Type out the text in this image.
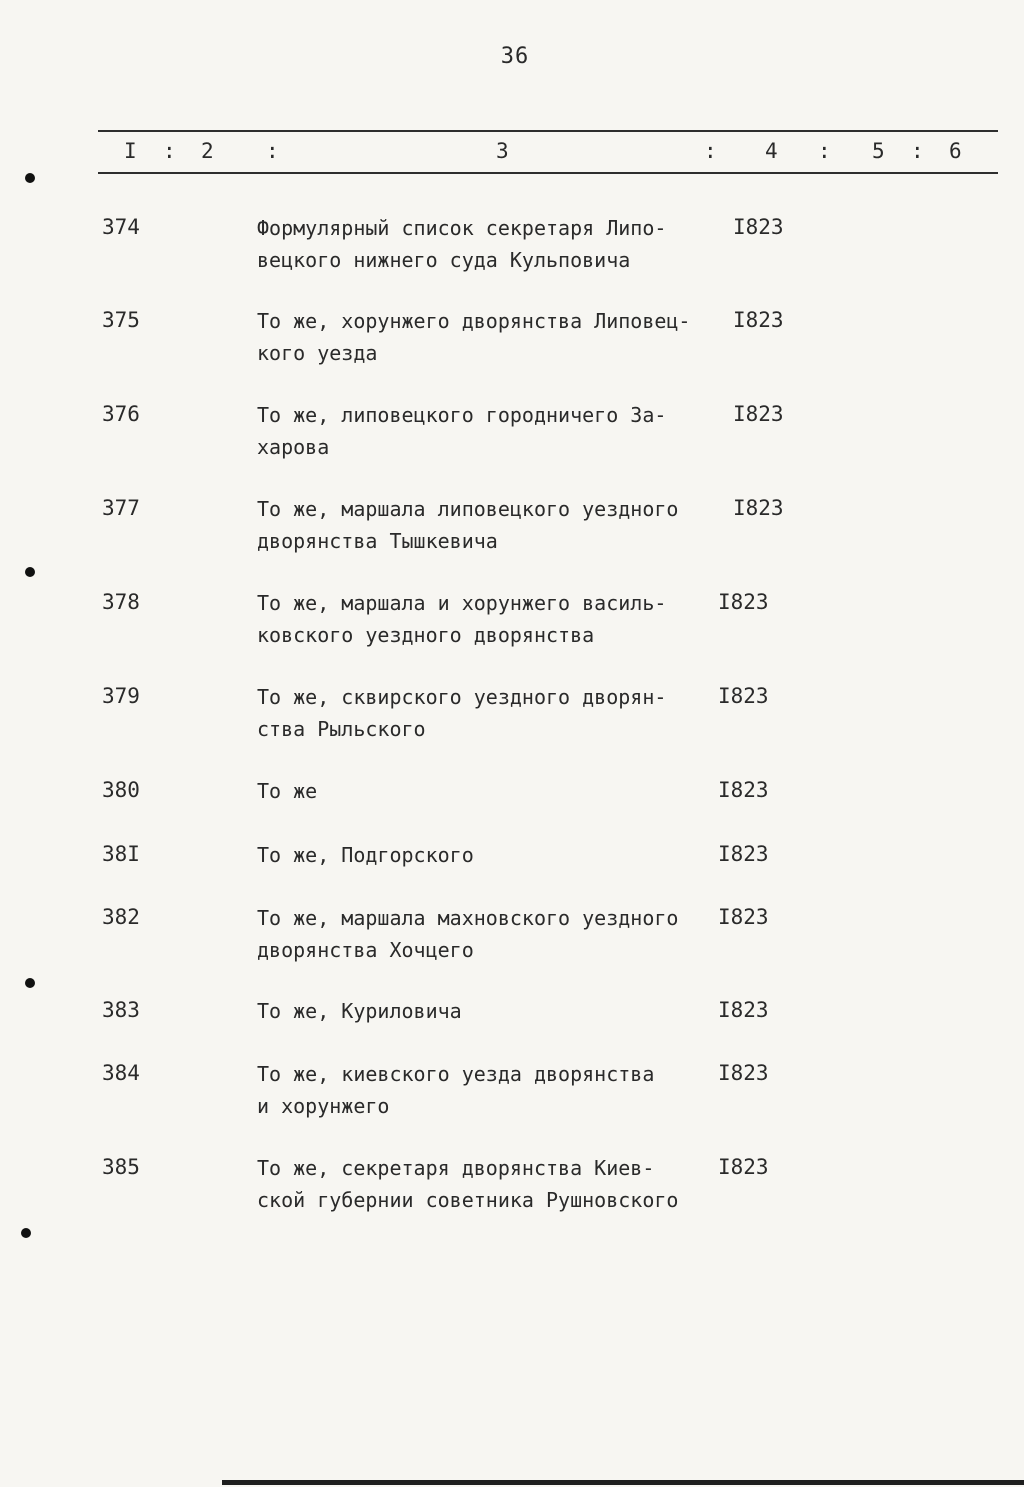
36
I : 2 :	3	: 4 : 5 : 6
374	Формулярный список секретаря Липо-
вецкого нижнего суда Кульповича
I823
375	То же, хорунжего дворянства Липовец-
кого уезда
I823
376	То же, липовецкого городничего За-
харова
I823
377	То же, маршала липовецкого уездного
дворянства Тышкевича
I823
378	То же, маршала и хорунжего василь-
ковского уездного дворянства
I823
379	То же, сквирского уездного дворян-
ства Рыльского
I823
380	То же	I823
38I	То же, Подгорского	I823
382	То же, маршала махновского уездного
дворянства Хочцего
I823
383	То же, Куриловича	I823
384	То же, киевского уезда дворянства
и хорунжего
I823
385	То же, секретаря дворянства Киев-
ской губернии советника Рушновского
I823
